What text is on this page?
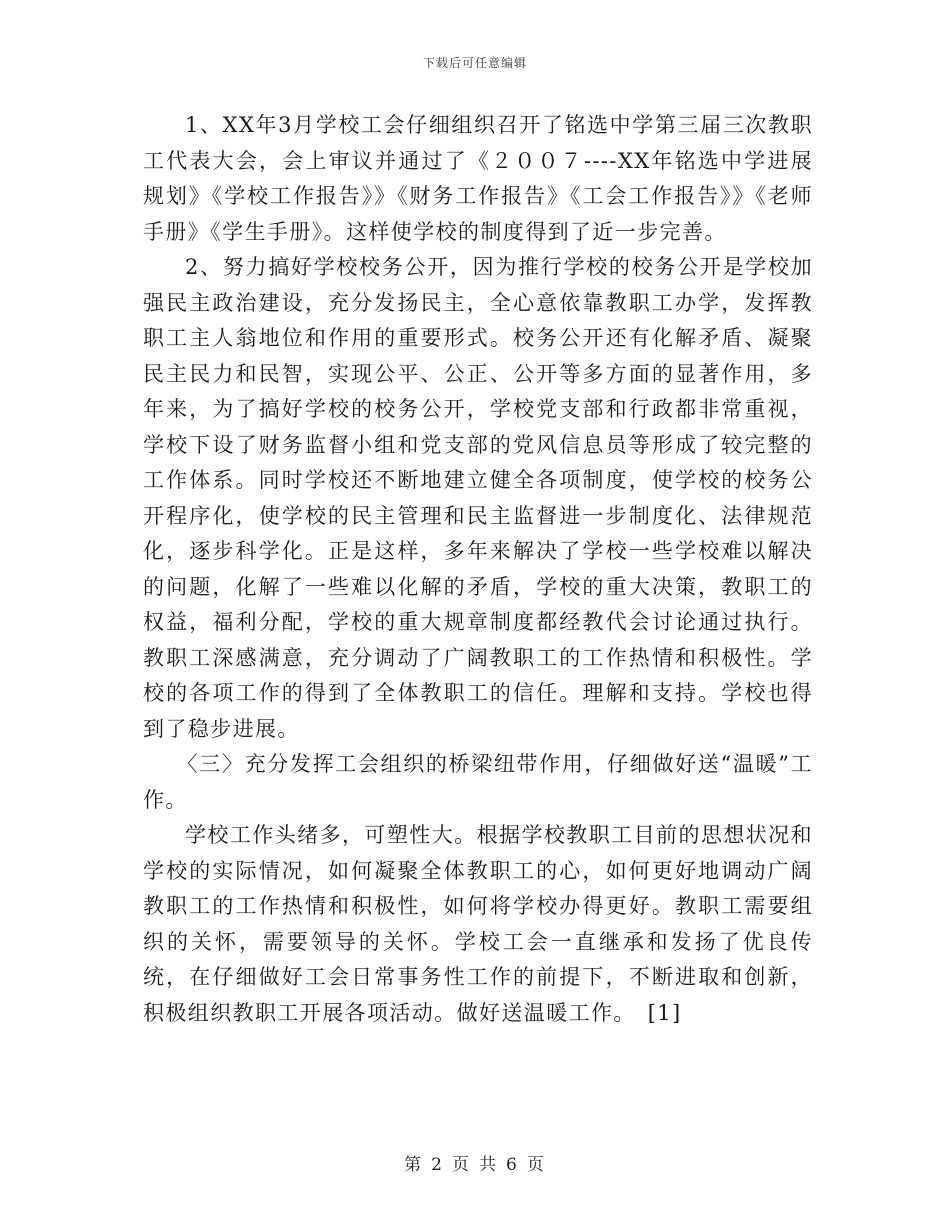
下载后可任意编辑

1、XX年3月学校工会仔细组织召开了铭选中学第三届三次教职工代表大会，会上审议并通过了《２００７----XX年铭选中学进展规划》《学校工作报告》》《财务工作报告》《工会工作报告》》《老师手册》《学生手册》。这样使学校的制度得到了近一步完善。

2、努力搞好学校校务公开，因为推行学校的校务公开是学校加强民主政治建设，充分发扬民主，全心意依靠教职工办学，发挥教职工主人翁地位和作用的重要形式。校务公开还有化解矛盾、凝聚民主民力和民智，实现公平、公正、公开等多方面的显著作用，多年来，为了搞好学校的校务公开，学校党支部和行政都非常重视，学校下设了财务监督小组和党支部的党风信息员等形成了较完整的工作体系。同时学校还不断地建立健全各项制度，使学校的校务公开程序化，使学校的民主管理和民主监督进一步制度化、法律规范化，逐步科学化。正是这样，多年来解决了学校一些学校难以解决的问题，化解了一些难以化解的矛盾，学校的重大决策，教职工的权益，福利分配，学校的重大规章制度都经教代会讨论通过执行。教职工深感满意，充分调动了广阔教职工的工作热情和积极性。学校的各项工作的得到了全体教职工的信任。理解和支持。学校也得到了稳步进展。

〈三〉充分发挥工会组织的桥梁纽带作用，仔细做好送“温暖”工作。

学校工作头绪多，可塑性大。根据学校教职工目前的思想状况和学校的实际情况，如何凝聚全体教职工的心，如何更好地调动广阔教职工的工作热情和积极性，如何将学校办得更好。教职工需要组织的关怀，需要领导的关怀。学校工会一直继承和发扬了优良传统，在仔细做好工会日常事务性工作的前提下，不断进取和创新，积极组织教职工开展各项活动。做好送温暖工作。　[1]

第 2 页 共 6 页
